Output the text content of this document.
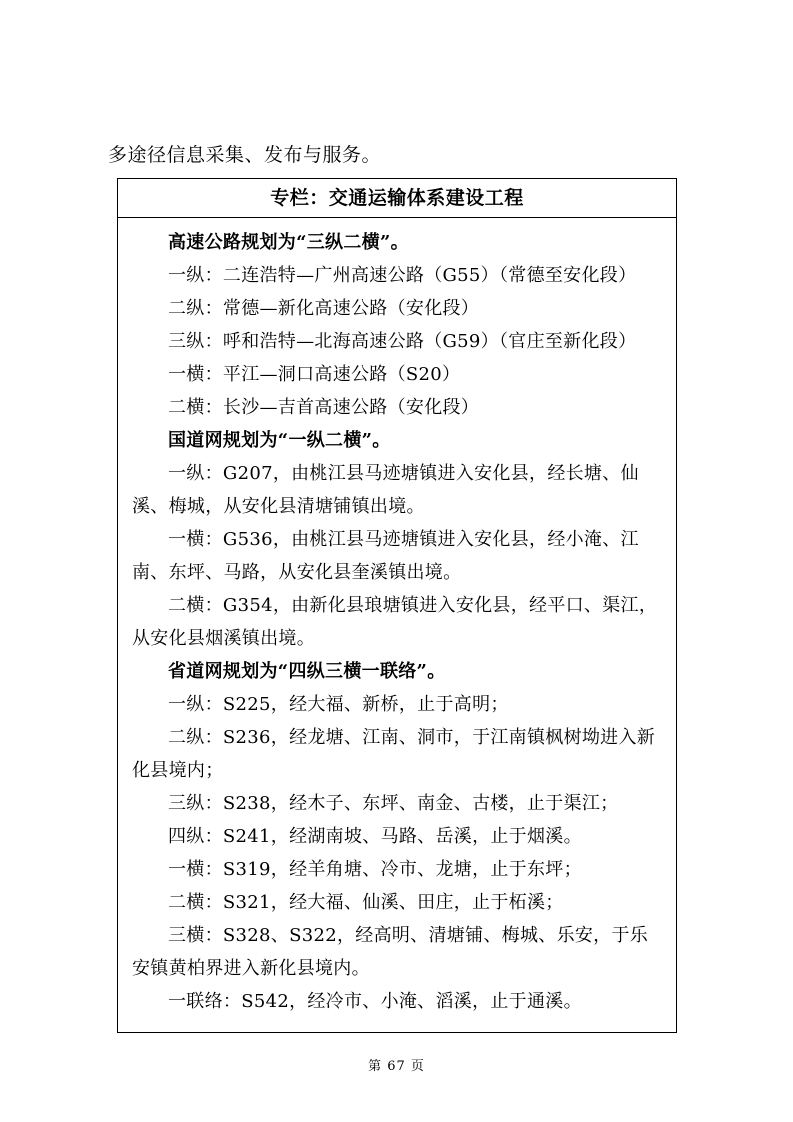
多途径信息采集、发布与服务。
专栏：交通运输体系建设工程

高速公路规划为“三纵二横”。

一纵：二连浩特—广州高速公路（G55）（常德至安化段）

二纵：常德—新化高速公路（安化段）

三纵：呼和浩特—北海高速公路（G59）（官庄至新化段）

一横：平江—洞口高速公路（S20）

二横：长沙—吉首高速公路（安化段）

国道网规划为“一纵二横”。

一纵：G207，由桃江县马迹塘镇进入安化县，经长塘、仙溪、梅城，从安化县清塘铺镇出境。

一横：G536，由桃江县马迹塘镇进入安化县，经小淹、江南、东坪、马路，从安化县奎溪镇出境。

二横：G354，由新化县琅塘镇进入安化县，经平口、渠江，从安化县烟溪镇出境。

省道网规划为“四纵三横一联络”。

一纵：S225，经大福、新桥，止于高明；

二纵：S236，经龙塘、江南、洞市，于江南镇枫树坳进入新化县境内；

三纵：S238，经木子、东坪、南金、古楼，止于渠江；

四纵：S241，经湖南坡、马路、岳溪，止于烟溪。

一横：S319，经羊角塘、冷市、龙塘，止于东坪；

二横：S321，经大福、仙溪、田庄，止于柘溪；

三横：S328、S322，经高明、清塘铺、梅城、乐安，于乐安镇黄柏界进入新化县境内。

一联络：S542，经冷市、小淹、滔溪，止于通溪。

第 67 页
